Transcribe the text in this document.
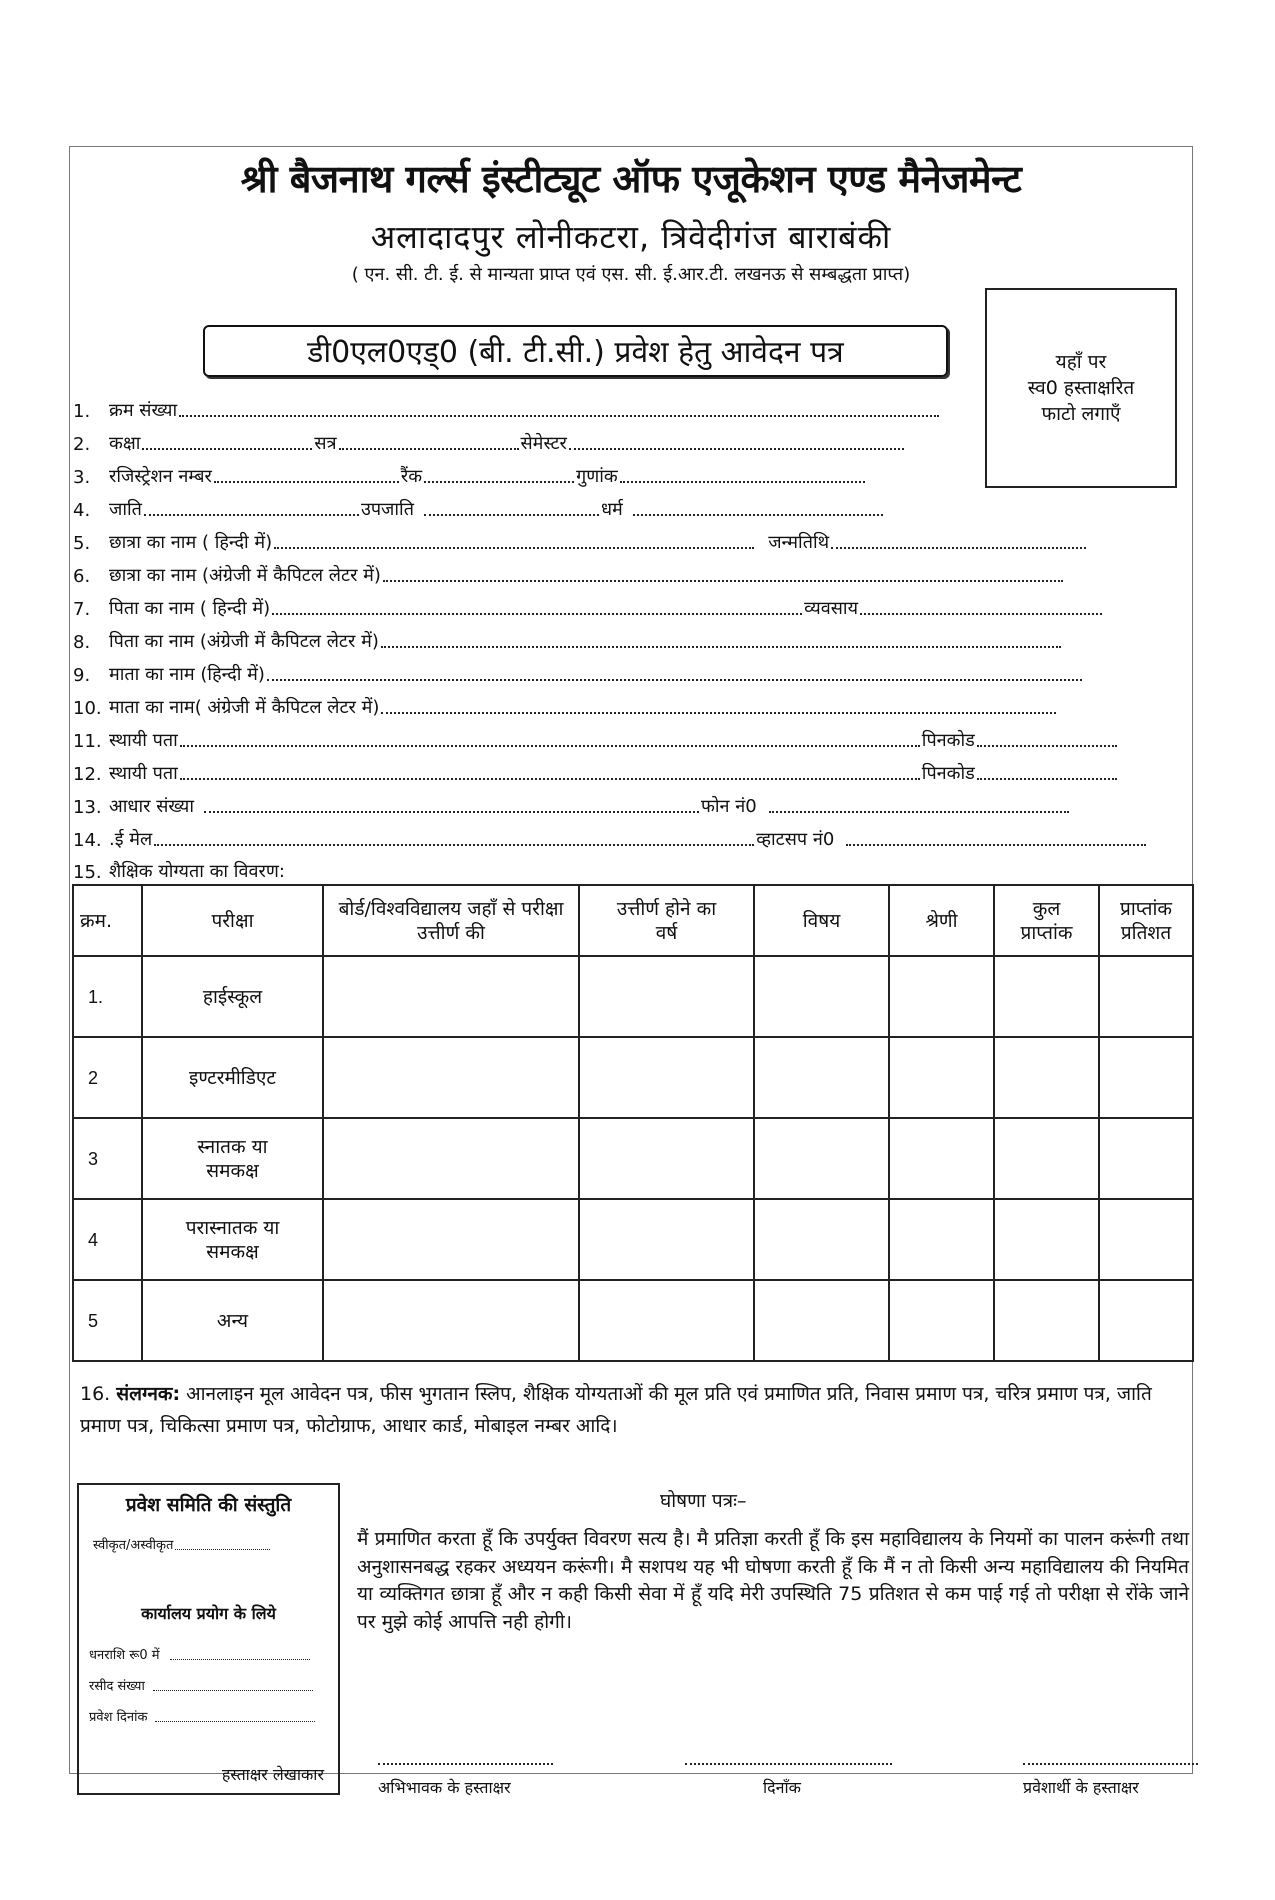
श्री बैजनाथ गर्ल्स इंस्टीट्यूट ऑफ एजूकेशन एण्ड मैनेजमेन्ट
अलादादपुर लोनीकटरा, त्रिवेदीगंज बाराबंकी
( एन. सी. टी. ई. से मान्यता प्राप्त एवं एस. सी. ई.आर.टी. लखनऊ से सम्बद्धता प्राप्त)
डी0एल0एड्0 (बी. टी.सी.) प्रवेश हेतु आवेदन पत्र	यहाँ पर
स्व0 हस्ताक्षरित
फाटो लगाएँ
1.	क्रम संख्या
2.	कक्षा	सत्र	सेमेस्टर
3.	रजिस्ट्रेशन नम्बर	रैंक	गुणांक
4.	जाति	उपजाति	धर्म
5.	छात्रा का नाम ( हिन्दी में)	जन्मतिथि
6.	छात्रा का नाम (अंग्रेजी में कैपिटल लेटर में)
7.	पिता का नाम ( हिन्दी में)	व्यवसाय
8.	पिता का नाम (अंग्रेजी में कैपिटल लेटर में)
9.	माता का नाम (हिन्दी में)
10. माता का नाम( अंग्रेजी में कैपिटल लेटर में)
11. स्थायी पता	पिनकोड
12. स्थायी पता	पिनकोड
13. आधार संख्या	फोन नं0
14. .ई मेल	व्हाटसप नं0
15. शैक्षिक योग्यता का विवरण:
क्रम.	परीक्षा	बोर्ड/विश्वविद्यालय जहाँ से परीक्षा उत्तीर्ण की	उत्तीर्ण होने का वर्ष	विषय	श्रेणी	कुल प्राप्तांक	प्राप्तांक प्रतिशत
1.	हाईस्कूल						
2	इण्टरमीडिएट						
3	स्नातक या समकक्ष						
4	परास्नातक या समकक्ष						
5	अन्य						
16. संलग्नक: आनलाइन मूल आवेदन पत्र, फीस भुगतान स्लिप, शैक्षिक योग्यताओं की मूल प्रति एवं प्रमाणित प्रति, निवास प्रमाण पत्र, चरित्र प्रमाण पत्र, जाति प्रमाण पत्र, चिकित्सा प्रमाण पत्र, फोटोग्राफ, आधार कार्ड, मोबाइल नम्बर आदि।
प्रवेश समिति की संस्तुति
स्वीकृत/अस्वीकृत
कार्यालय प्रयोग के लिये
धनराशि रू0 में
रसीद संख्या
प्रवेश दिनांक
हस्ताक्षर लेखाकार
घोषणा पत्रः–
मैं प्रमाणित करता हूँ कि उपर्युक्त विवरण सत्य है। मै प्रतिज्ञा करती हूँ कि इस महाविद्यालय के नियमों का पालन करूंगी तथा अनुशासनबद्ध रहकर अध्ययन करूंगी। मै सशपथ यह भी घोषणा करती हूँ कि मैं न तो किसी अन्य महाविद्यालय की नियमित या व्यक्तिगत छात्रा हूँ और न कही किसी सेवा में हूँ यदि मेरी उपस्थिति 75 प्रतिशत से कम पाई गई तो परीक्षा से रोंके जाने पर मुझे कोई आपत्ति नही होगी।
अभिभावक के हस्ताक्षर	दिनाँक	प्रवेशार्थी के हस्ताक्षर
